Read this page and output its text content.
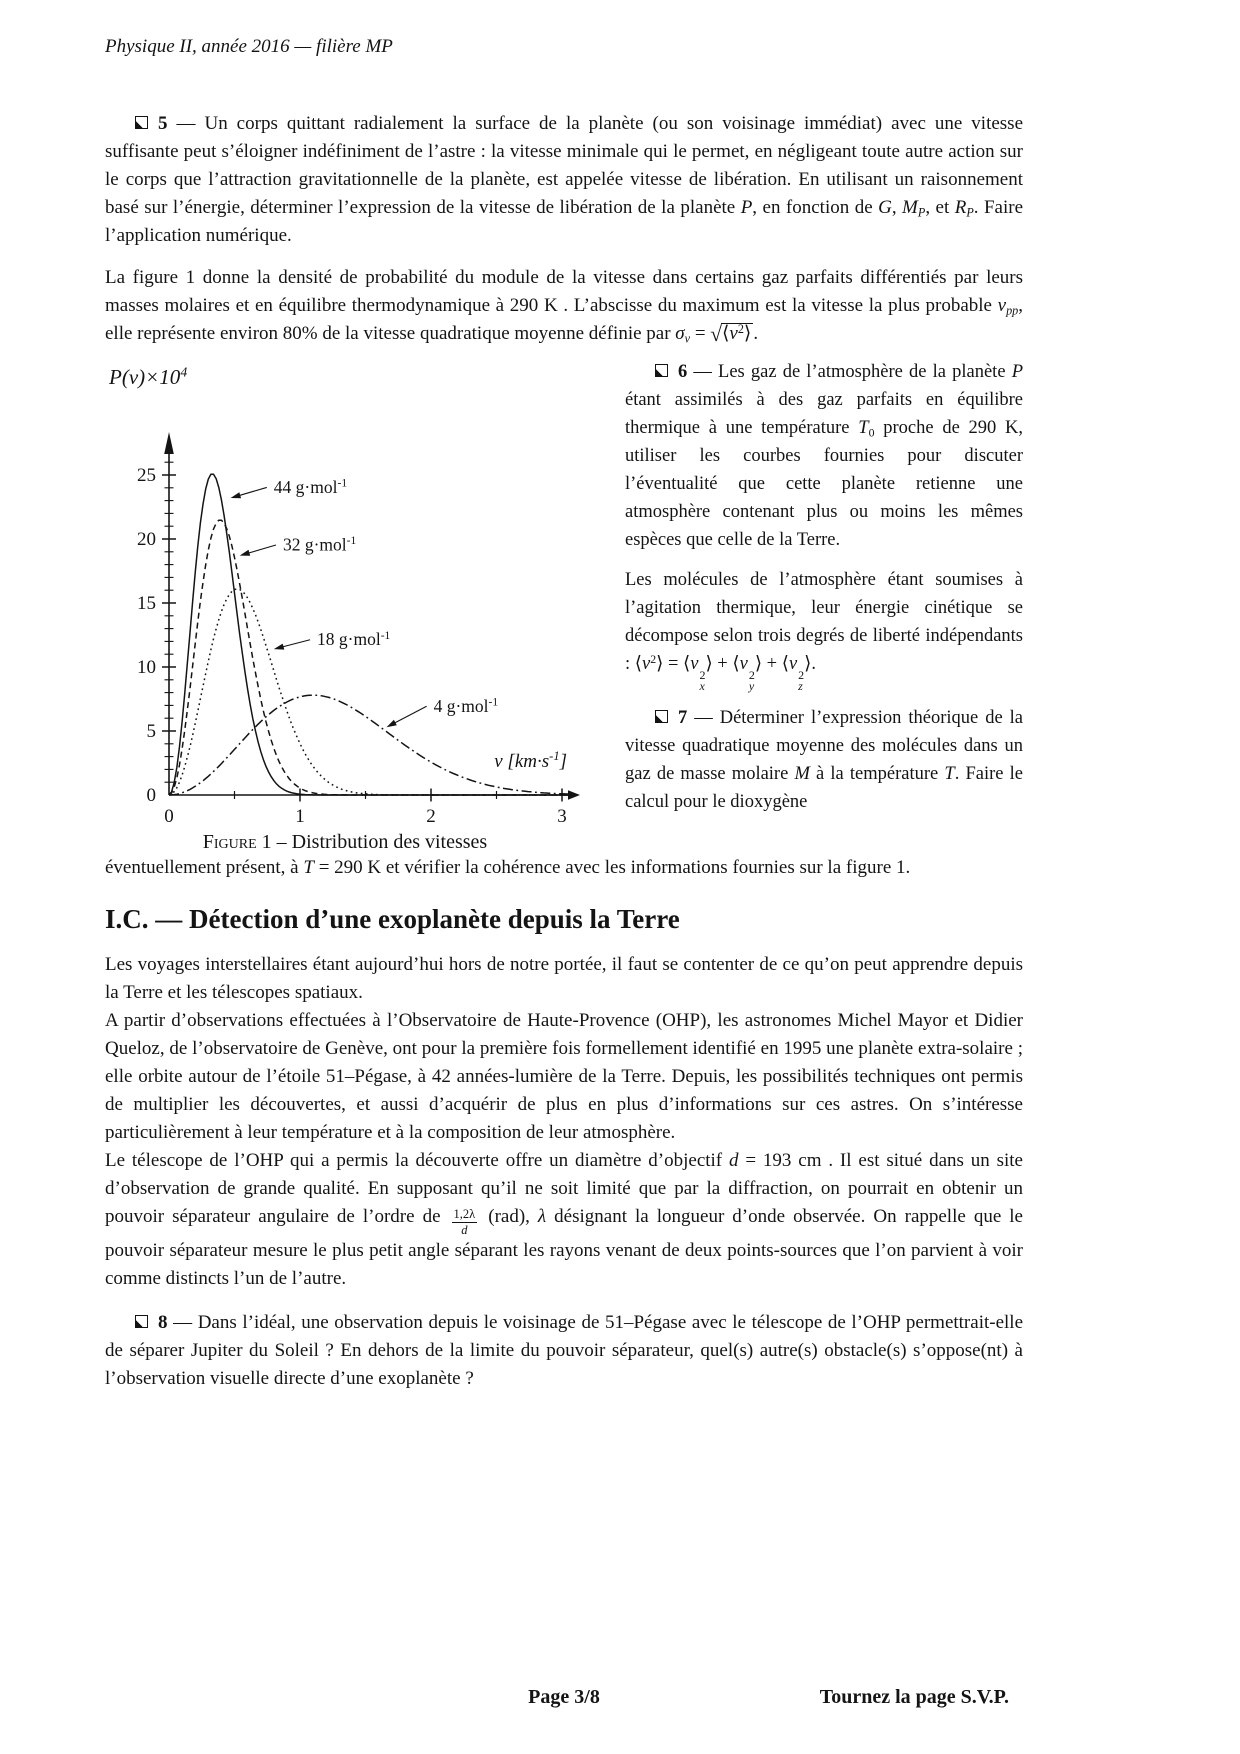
Physique II, année 2016 — filière MP

5 — Un corps quittant radialement la surface de la planète (ou son voisinage immédiat) avec une vitesse suffisante peut s’éloigner indéfiniment de l’astre : la vitesse minimale qui le permet, en négligeant toute autre action sur le corps que l’attraction gravitationnelle de la planète, est appelée vitesse de libération. En utilisant un raisonnement basé sur l’énergie, déterminer l’expression de la vitesse de libération de la planète P, en fonction de G, $M_P$, et $R_P$. Faire l’application numérique.

La figure 1 donne la densité de probabilité du module de la vitesse dans certains gaz parfaits différentiés par leurs masses molaires et en équilibre thermodynamique à 290 K . L’abscisse du maximum est la vitesse la plus probable $v_{pp}$, elle représente environ 80% de la vitesse quadratique moyenne définie par $\sigma_v$ = $√⟨v^2⟩$ .

0	1	2	3
0
5
10
15
20
25
$P(v)\times 10^4$
v $[km\cdot s^{-1}]$
44 g·mol$^{-1}$
32 g·mol$^{-1}$
18 g·mol$^{-1}$
4 g·mol$^{-1}$
Figure 1 – Distribution des vitesses

6 — Les gaz de l’atmosphère de la planète P étant assimilés à des gaz parfaits en équilibre thermique à une température $T_0$ proche de 290 K, utiliser les courbes fournies pour discuter l’éventualité que cette planète retienne une atmosphère contenant plus ou moins les mêmes espèces que celle de la Terre.

Les molécules de l’atmosphère étant soumises à l’agitation thermique, leur énergie cinétique se décompose selon trois degrés de liberté indépendants : $⟨v^2⟩$ = ⟨v
2
x
⟩ + ⟨v
2
y
⟩ + ⟨v
2
z
⟩.

7 — Déterminer l’expression théorique de la vitesse quadratique moyenne des molécules dans un gaz de masse molaire M à la température T. Faire le calcul pour le dioxygène

éventuellement présent, à T = 290 K et vérifier la cohérence avec les informations fournies sur la figure 1.

I.C. — Détection d’une exoplanète depuis la Terre

Les voyages interstellaires étant aujourd’hui hors de notre portée, il faut se contenter de ce qu’on peut apprendre depuis la Terre et les télescopes spatiaux.

A partir d’observations effectuées à l’Observatoire de Haute-Provence (OHP), les astronomes Michel Mayor et Didier Queloz, de l’observatoire de Genève, ont pour la première fois formellement identifié en 1995 une planète extra-solaire ; elle orbite autour de l’étoile 51–Pégase, à 42 années-lumière de la Terre. Depuis, les possibilités techniques ont permis de multiplier les découvertes, et aussi d’acquérir de plus en plus d’informations sur ces astres. On s’intéresse particulièrement à leur température et à la composition de leur atmosphère.

Le télescope de l’OHP qui a permis la découverte offre un diamètre d’objectif d = 193 cm . Il est situé dans un site d’observation de grande qualité. En supposant qu’il ne soit limité que par la diffraction, on pourrait en obtenir un pouvoir séparateur angulaire de l’ordre de $\frac{1,2\lambda}{d} (rad)$, λ désignant la longueur d’onde observée. On rappelle que le pouvoir séparateur mesure le plus petit angle séparant les rayons venant de deux points-sources que l’on parvient à voir comme distincts l’un de l’autre.

8 — Dans l’idéal, une observation depuis le voisinage de 51–Pégase avec le télescope de l’OHP permettrait-elle de séparer Jupiter du Soleil ? En dehors de la limite du pouvoir séparateur, quel(s) autre(s) obstacle(s) s’oppose(nt) à l’observation visuelle directe d’une exoplanète ?

Page 3/8	Tournez la page S.V.P.
